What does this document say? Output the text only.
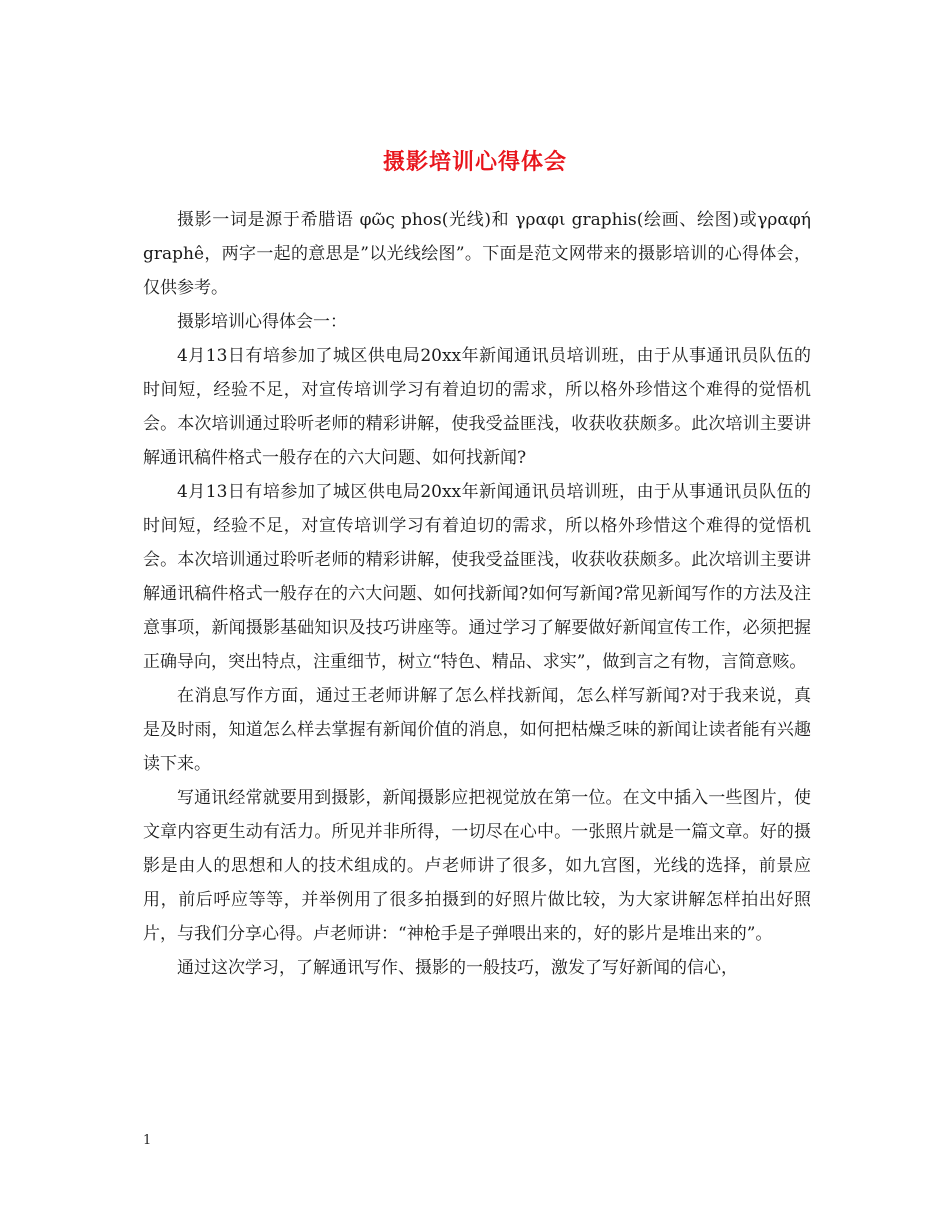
摄影培训心得体会

摄影一词是源于希腊语 φῶς phos(光线)和 γραφι graphis(绘画、绘图)或γραφή graphê，两字一起的意思是”以光线绘图”。下面是范文网带来的摄影培训的心得体会，仅供参考。

摄影培训心得体会一：

4月13日有培参加了城区供电局20xx年新闻通讯员培训班，由于从事通讯员队伍的时间短，经验不足，对宣传培训学习有着迫切的需求，所以格外珍惜这个难得的觉悟机会。本次培训通过聆听老师的精彩讲解，使我受益匪浅，收获收获颇多。此次培训主要讲解通讯稿件格式一般存在的六大问题、如何找新闻?

4月13日有培参加了城区供电局20xx年新闻通讯员培训班，由于从事通讯员队伍的时间短，经验不足，对宣传培训学习有着迫切的需求，所以格外珍惜这个难得的觉悟机会。本次培训通过聆听老师的精彩讲解，使我受益匪浅，收获收获颇多。此次培训主要讲解通讯稿件格式一般存在的六大问题、如何找新闻?如何写新闻?常见新闻写作的方法及注意事项，新闻摄影基础知识及技巧讲座等。通过学习了解要做好新闻宣传工作，必须把握正确导向，突出特点，注重细节，树立“特色、精品、求实”，做到言之有物，言简意赅。

在消息写作方面，通过王老师讲解了怎么样找新闻，怎么样写新闻?对于我来说，真是及时雨，知道怎么样去掌握有新闻价值的消息，如何把枯燥乏味的新闻让读者能有兴趣读下来。

写通讯经常就要用到摄影，新闻摄影应把视觉放在第一位。在文中插入一些图片，使文章内容更生动有活力。所见并非所得，一切尽在心中。一张照片就是一篇文章。好的摄影是由人的思想和人的技术组成的。卢老师讲了很多，如九宫图，光线的选择，前景应用，前后呼应等等，并举例用了很多拍摄到的好照片做比较，为大家讲解怎样拍出好照片，与我们分享心得。卢老师讲：“神枪手是子弹喂出来的，好的影片是堆出来的”。

通过这次学习，了解通讯写作、摄影的一般技巧，激发了写好新闻的信心，

1
